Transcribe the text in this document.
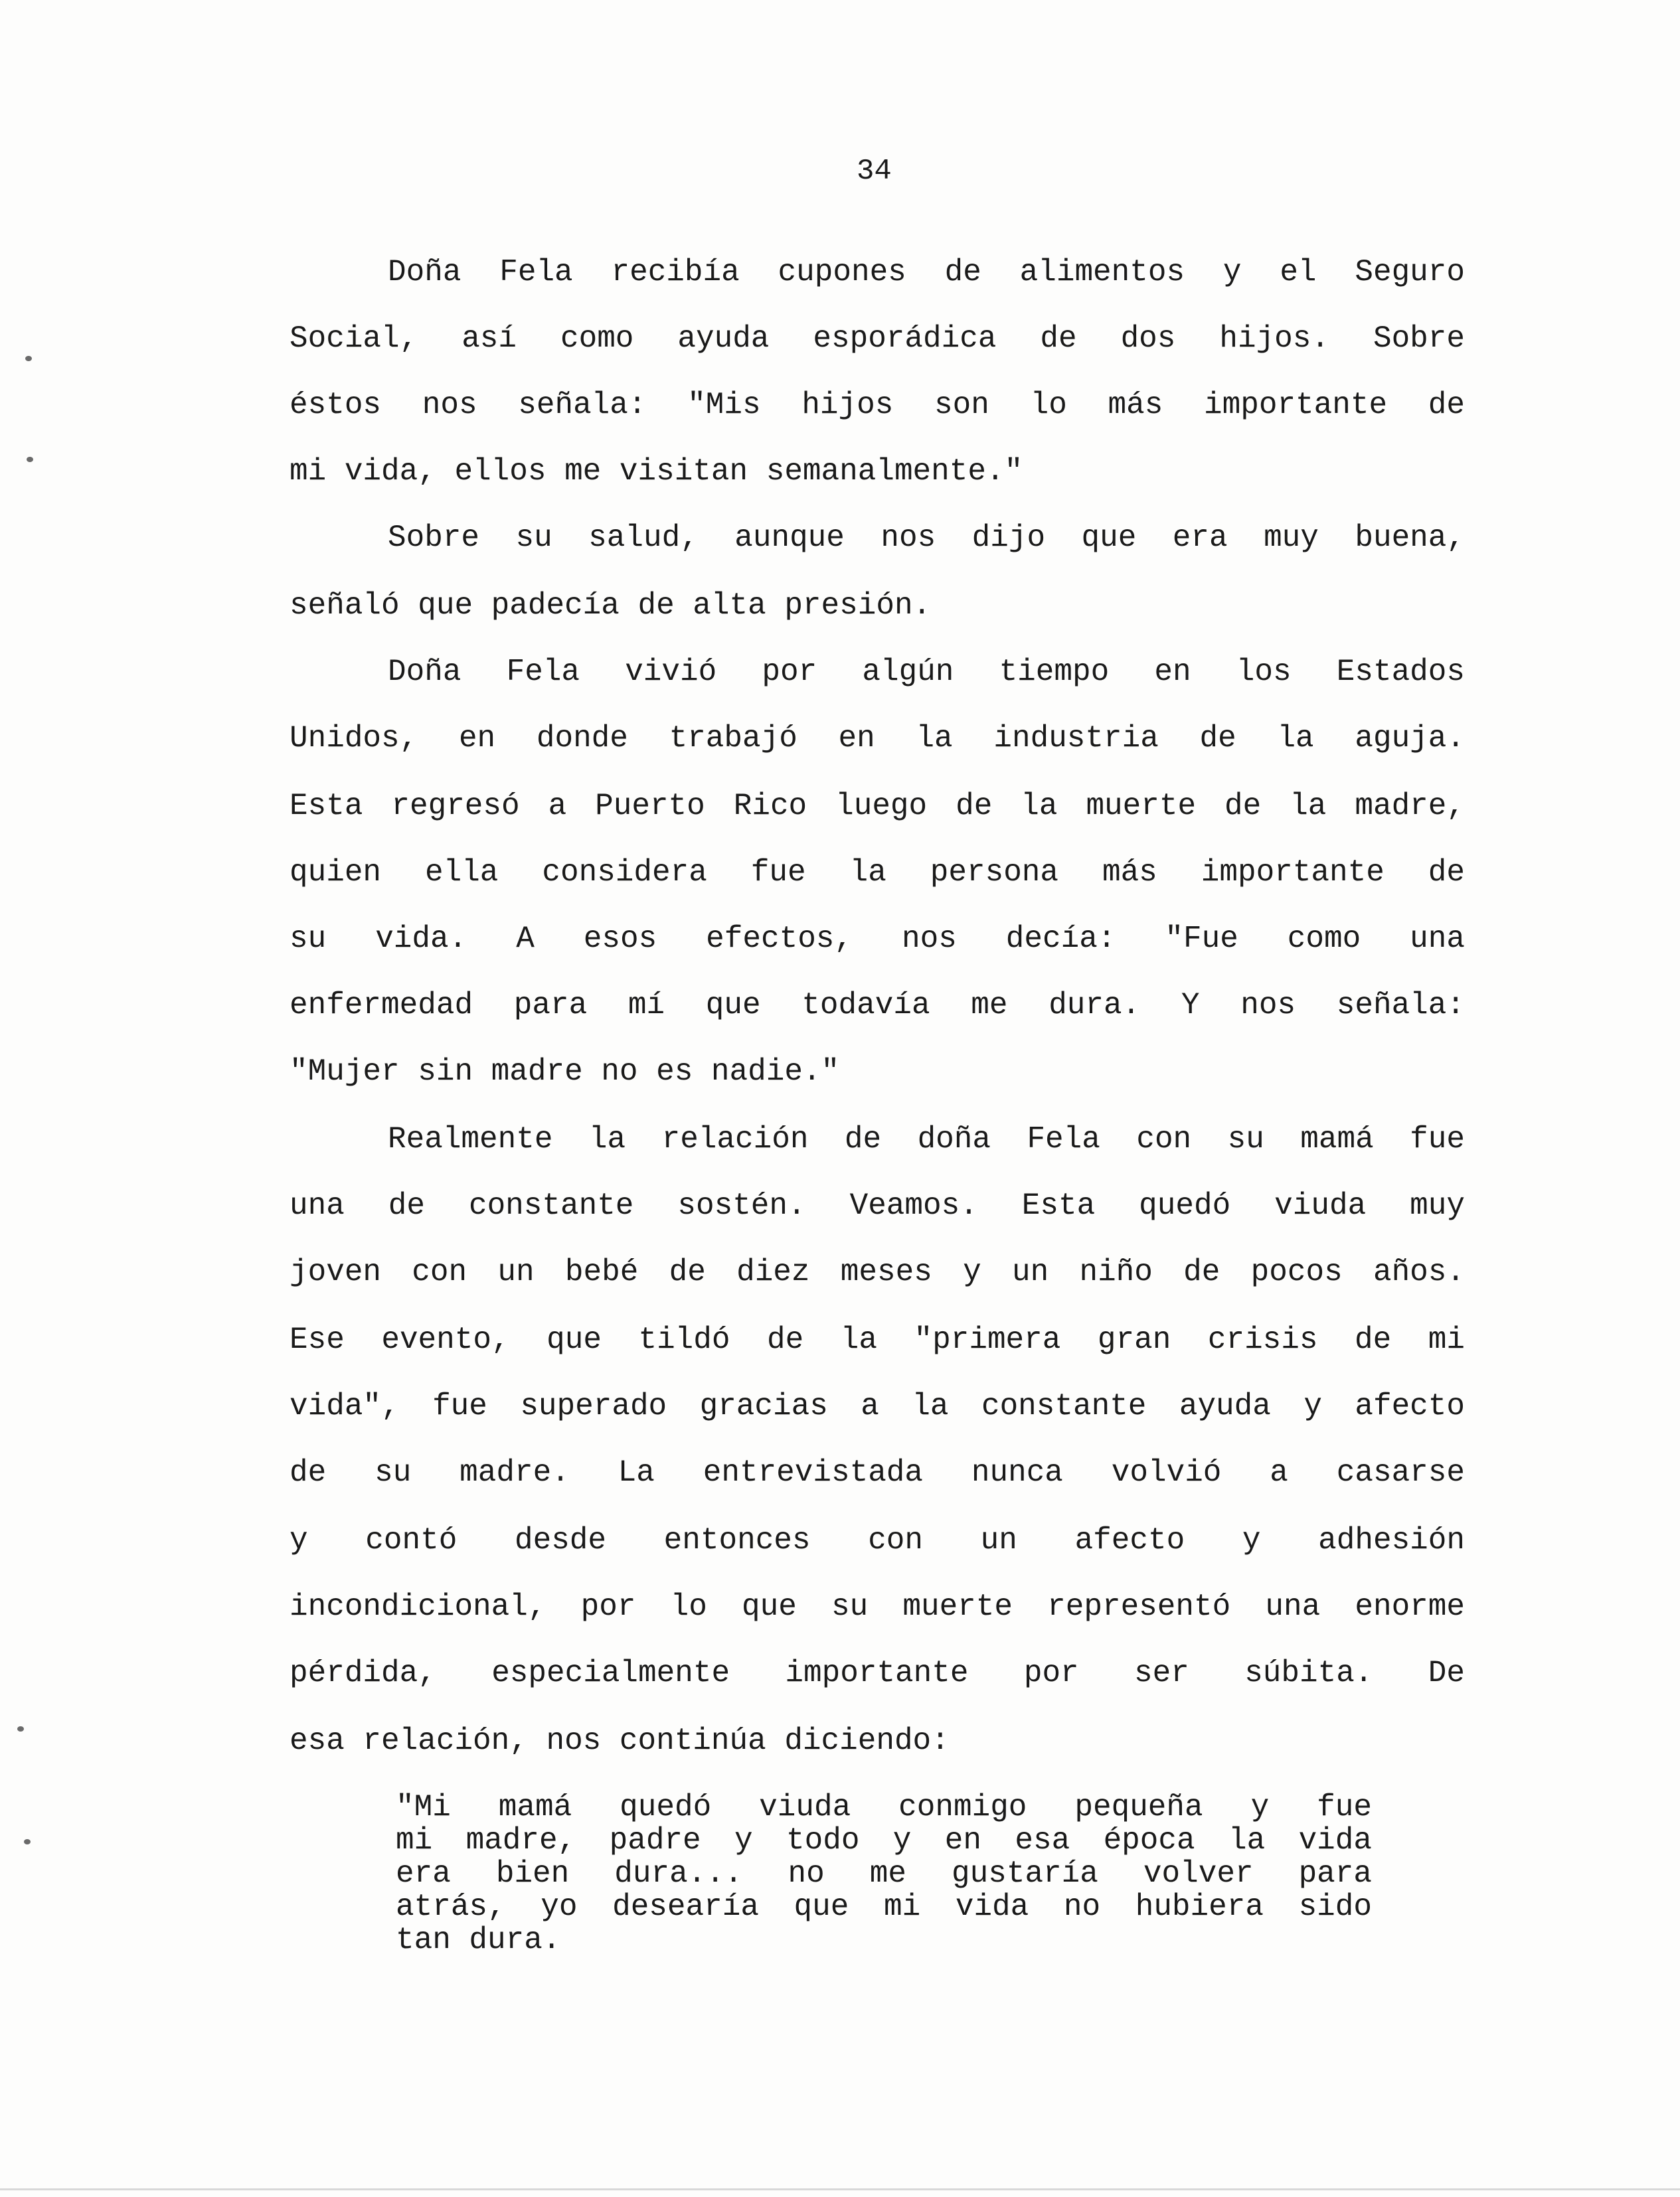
34
Doña Fela recibía cupones de alimentos y el Seguro
Social, así como ayuda esporádica de dos hijos. Sobre
éstos nos señala: "Mis hijos son lo más importante de
mi vida, ellos me visitan semanalmente."
Sobre su salud, aunque nos dijo que era muy buena,
señaló que padecía de alta presión.
Doña Fela vivió por algún tiempo en los Estados
Unidos, en donde trabajó en la industria de la aguja.
Esta regresó a Puerto Rico luego de la muerte de la madre,
quien ella considera fue la persona más importante de
su vida. A esos efectos, nos decía: "Fue como una
enfermedad para mí que todavía me dura. Y nos señala:
"Mujer sin madre no es nadie."
Realmente la relación de doña Fela con su mamá fue
una de constante sostén. Veamos. Esta quedó viuda muy
joven con un bebé de diez meses y un niño de pocos años.
Ese evento, que tildó de la "primera gran crisis de mi
vida", fue superado gracias a la constante ayuda y afecto
de su madre. La entrevistada nunca volvió a casarse
y contó desde entonces con un afecto y adhesión
incondicional, por lo que su muerte representó una enorme
pérdida, especialmente importante por ser súbita. De
esa relación, nos continúa diciendo:
"Mi mamá quedó viuda conmigo pequeña y fue
mi madre, padre y todo y en esa época la vida
era bien dura... no me gustaría volver para
atrás, yo desearía que mi vida no hubiera sido
tan dura.
